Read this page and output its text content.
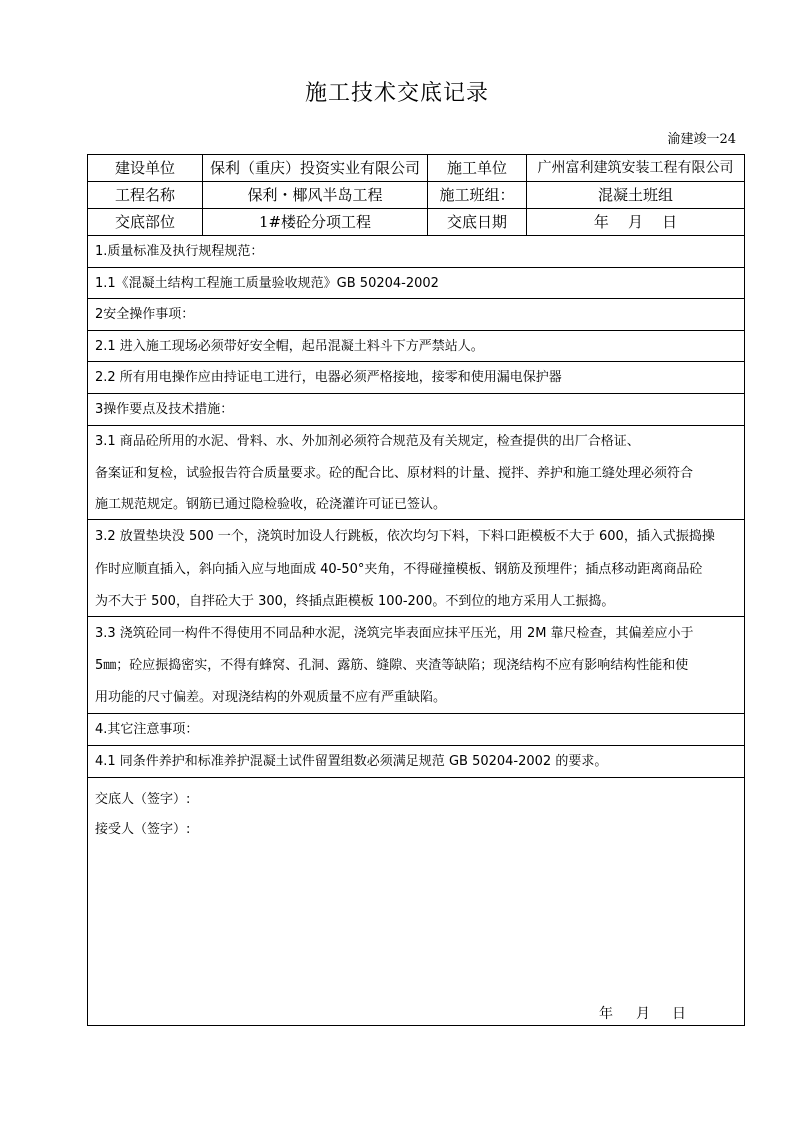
施工技术交底记录
渝建竣一24
建设单位	保利（重庆）投资实业有限公司	施工单位	广州富利建筑安装工程有限公司
工程名称	保利・椰风半岛工程	施工班组：	混凝土班组
交底部位	1#楼砼分项工程	交底日期	年    月    日
1.质量标准及执行规程规范：
1.1《混凝土结构工程施工质量验收规范》GB 50204-2002
2安全操作事项：
2.1 进入施工现场必须带好安全帽，起吊混凝土料斗下方严禁站人。
2.2 所有用电操作应由持证电工进行，电器必须严格接地，接零和使用漏电保护器
3操作要点及技术措施：
3.1 商品砼所用的水泥、骨料、水、外加剂必须符合规范及有关规定，检查提供的出厂合格证、
备案证和复检，试验报告符合质量要求。砼的配合比、原材料的计量、搅拌、养护和施工缝处理必须符合
施工规范规定。钢筋已通过隐检验收，砼浇灌许可证已签认。
3.2 放置垫块没 500 一个，浇筑时加设人行跳板，依次均匀下料，下料口距模板不大于 600，插入式振捣操
作时应顺直插入，斜向插入应与地面成 40-50°夹角，不得碰撞模板、钢筋及预埋件；插点移动距离商品砼
为不大于 500，自拌砼大于 300，终插点距模板 100-200。不到位的地方采用人工振捣。
3.3 浇筑砼同一构件不得使用不同品种水泥，浇筑完毕表面应抹平压光，用 2M 靠尺检查，其偏差应小于
5㎜；砼应振捣密实，不得有蜂窝、孔洞、露筋、缝隙、夹渣等缺陷；现浇结构不应有影响结构性能和使
用功能的尺寸偏差。对现浇结构的外观质量不应有严重缺陷。
4.其它注意事项：
4.1 同条件养护和标准养护混凝土试件留置组数必须满足规范 GB 50204-2002 的要求。
交底人（签字）:
接受人（签字）:
年 月 日
